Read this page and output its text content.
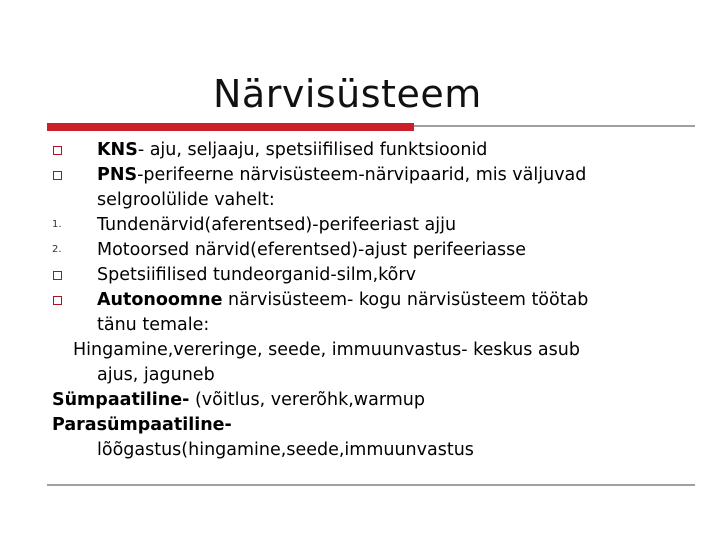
Närvisüsteem
KNS- aju, seljaaju, spetsiifilised funktsioonid
PNS-perifeerne närvisüsteem-närvipaarid, mis väljuvad
selgroolülide vahelt:
1. Tundenärvid(aferentsed)-perifeeriast ajju
2. Motoorsed närvid(eferentsed)-ajust perifeeriasse
Spetsiifilised tundeorganid-silm,kõrv
Autonoomne närvisüsteem- kogu närvisüsteem töötab
tänu temale:
Hingamine,vereringe, seede, immuunvastus- keskus asub
ajus, jaguneb
Sümpaatiline- (võitlus, vererõhk,warmup
Parasümpaatiline-
lõõgastus(hingamine,seede,immuunvastus
